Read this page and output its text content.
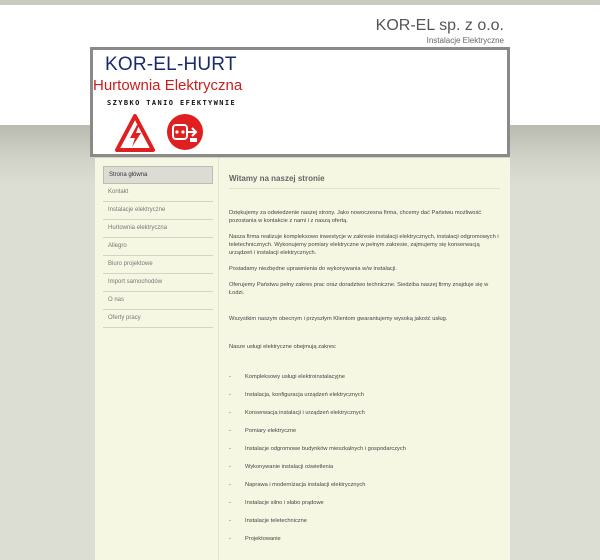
KOR-EL sp. z o.o.
Instalacje Elektryczne
KOR-EL-HURT
Hurtownia Elektryczna
SZYBKO TANIO EFEKTYWNIE
Strona główna
Kontakt
Instalacje elektryczne
Hurtownia elektryczna
Allegro
Biuro projektowe
Import samochodów
O nas
Oferty pracy
Witamy na naszej stronie

Dziękujemy za odwiedzenie naszej strony. Jako nowoczesna firma, chcemy dać Państwu możliwość pozostania w kontakcie z nami i z naszą ofertą.

Nasza firma realizuje kompleksowo inwestycje w zakresie instalacji elektrycznych, instalacji odgromowych i teletechnicznych. Wykonujemy pomiary elektryczne w pełnym zakresie, zajmujemy się konserwacją urządzeń i instalacji elektrycznych.

Posiadamy niezbędne uprawnienia do wykonywania w/w instalacji.

Oferujemy Państwu pełny zakres prac oraz doradztwo techniczne. Siedziba naszej firmy znajduje się w Łodzi.

Wszystkim naszym obecnym i przyszłym Klientom gwarantujemy wysoką jakość usług.

Nasze usługi elektryczne obejmują zakres:

- Kompleksowy usługi elektroinstalacyjne
- Instalacja, konfiguracja urządzeń elektrycznych
- Konserwacja instalacji i urządzeń elektrycznych
- Pomiary elektryczne
- Instalacje odgromowe budynków mieszkalnych i gospodarczych
- Wykonywanie instalacji oświetlenia
- Naprawa i modernizacja instalacji elektrycznych
- Instalacje silno i słabo prądowe
- Instalacje teletechniczne
- Projektowanie
